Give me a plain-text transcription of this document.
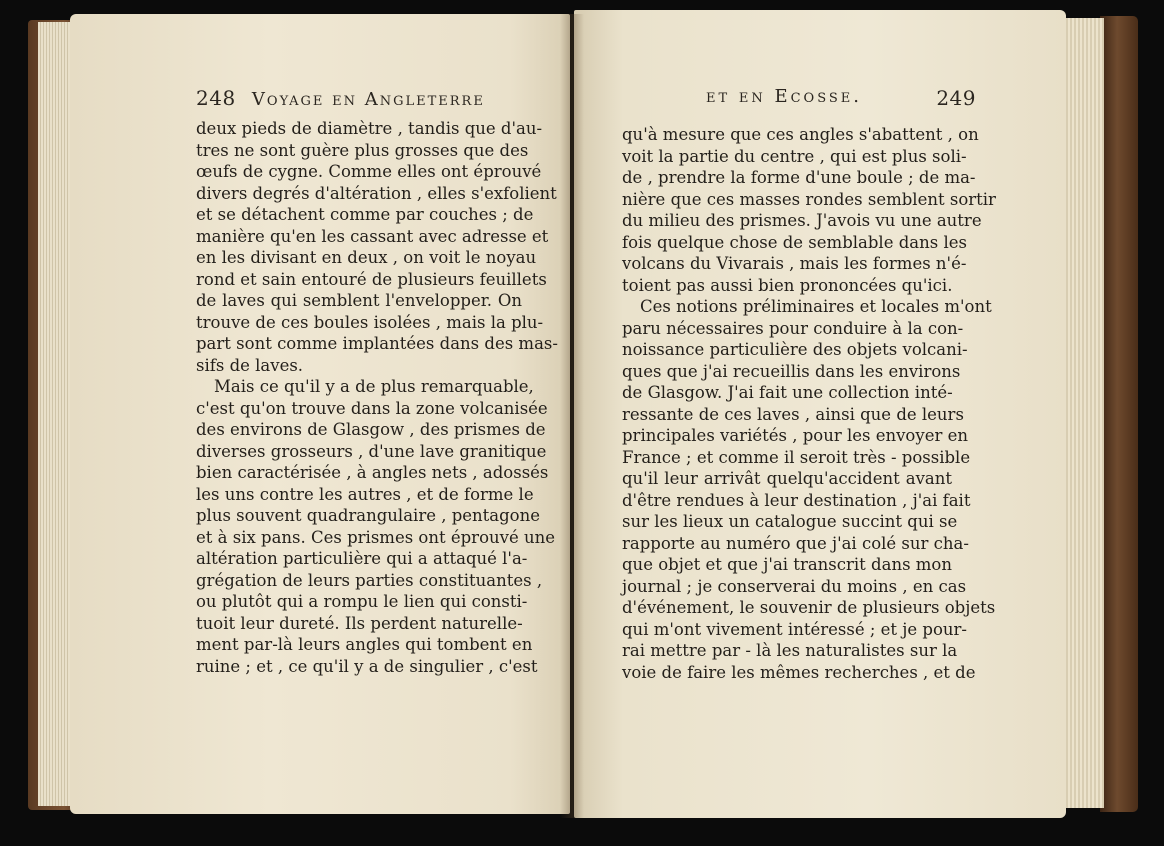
248 Voyage en Angleterre	et en Ecosse.	249
deux pieds de diamètre , tandis que d'au-
tres ne sont guère plus grosses que des
œufs de cygne. Comme elles ont éprouvé
divers degrés d'altération , elles s'exfolient
et se détachent comme par couches ; de
manière qu'en les cassant avec adresse et
en les divisant en deux , on voit le noyau
rond et sain entouré de plusieurs feuillets
de laves qui semblent l'envelopper. On
trouve de ces boules isolées , mais la plu-
part sont comme implantées dans des mas-
sifs de laves.
Mais ce qu'il y a de plus remarquable,
c'est qu'on trouve dans la zone volcanisée
des environs de Glasgow , des prismes de
diverses grosseurs , d'une lave granitique
bien caractérisée , à angles nets , adossés
les uns contre les autres , et de forme le
plus souvent quadrangulaire , pentagone
et à six pans. Ces prismes ont éprouvé une
altération particulière qui a attaqué l'a-
grégation de leurs parties constituantes ,
ou plutôt qui a rompu le lien qui consti-
tuoit leur dureté. Ils perdent naturelle-
ment par-là leurs angles qui tombent en
ruine ; et , ce qu'il y a de singulier , c'est
qu'à mesure que ces angles s'abattent , on
voit la partie du centre , qui est plus soli-
de , prendre la forme d'une boule ; de ma-
nière que ces masses rondes semblent sortir
du milieu des prismes. J'avois vu une autre
fois quelque chose de semblable dans les
volcans du Vivarais , mais les formes n'é-
toient pas aussi bien prononcées qu'ici.
Ces notions préliminaires et locales m'ont
paru nécessaires pour conduire à la con-
noissance particulière des objets volcani-
ques que j'ai recueillis dans les environs
de Glasgow. J'ai fait une collection inté-
ressante de ces laves , ainsi que de leurs
principales variétés , pour les envoyer en
France ; et comme il seroit très - possible
qu'il leur arrivât quelqu'accident avant
d'être rendues à leur destination , j'ai fait
sur les lieux un catalogue succint qui se
rapporte au numéro que j'ai colé sur cha-
que objet et que j'ai transcrit dans mon
journal ; je conserverai du moins , en cas
d'événement, le souvenir de plusieurs objets
qui m'ont vivement intéressé ; et je pour-
rai mettre par - là les naturalistes sur la
voie de faire les mêmes recherches , et de
